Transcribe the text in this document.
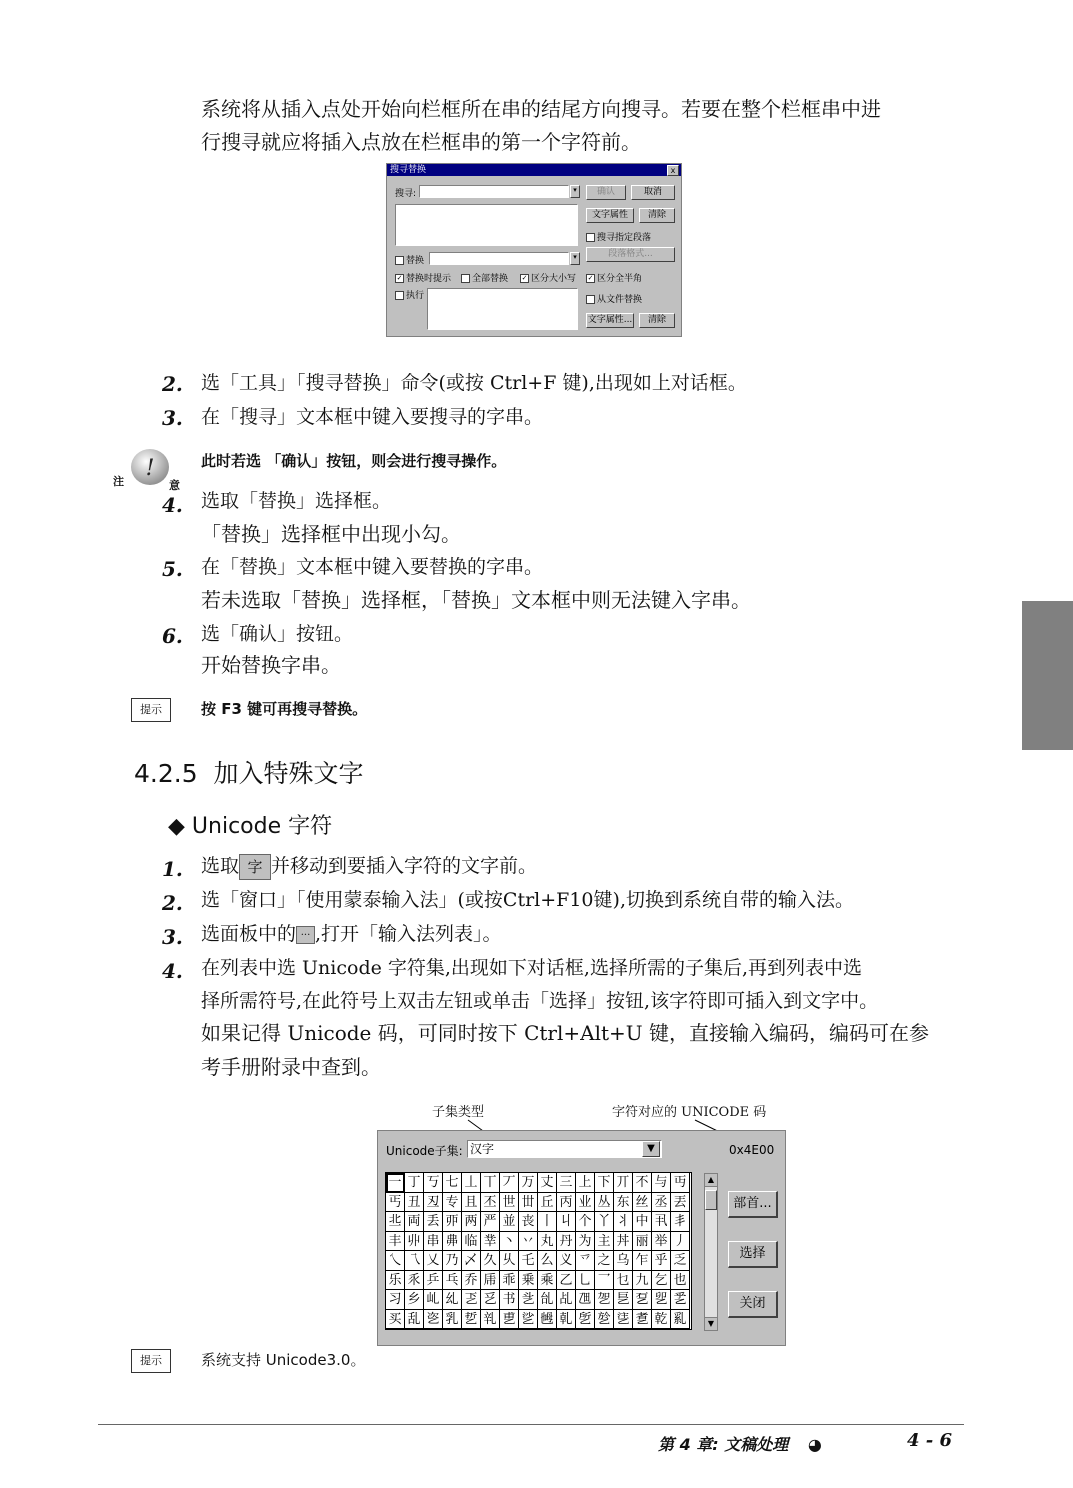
系统将从插入点处开始向栏框所在串的结尾方向搜寻。若要在整个栏框串中进
行搜寻就应将插入点放在栏框串的第一个字符前。
搜寻替换	x
搜寻:	▾	确认	取消
文字属性	清除
搜寻指定段落
段落格式...
替换	▾
✓ 替换时提示	全部替换 ✓ 区分大小写 ✓ 区分全半角
执行	从文件替换
文字属性...	清除
2. 选「工具」「搜寻替换」命令(或按 Ctrl+F 键),出现如上对话框。
3. 在「搜寻」文本框中键入要搜寻的字串。
!
注	意
此时若选 「确认」按钮，则会进行搜寻操作。
4. 选取「替换」选择框。
「替换」选择框中出现小勾。
5. 在「替换」文本框中键入要替换的字串。
若未选取「替换」选择框，「替换」文本框中则无法键入字串。
6. 选「确认」按钮。
开始替换字串。
提示	按 F3 键可再搜寻替换。
4.2.5 加入特殊文字
◆ Unicode 字符
1. 选取 字 并移动到要插入字符的文字前。
2. 选「窗口」「使用蒙泰输入法」(或按Ctrl+F10键),切换到系统自带的输入法。
3. 选面板中的 ... ,打开「输入法列表」。
4. 在列表中选 Unicode 字符集,出现如下对话框,选择所需的子集后,再到列表中选
择所需符号,在此符号上双击左钮或单击「选择」按钮,该字符即可插入到文字中。
如果记得 Unicode 码，可同时按下 Ctrl+Alt+U 键，直接输入编码，编码可在参
考手册附录中查到。
子集类型	字符对应的 UNICODE 码
Unicode子集: 汉字	▼	0x4E00
一 丁 丂 七 丄 丅 丆 万 丈 三 上 下 丌 不 与 丏
丐 丑 丒 专 且 丕 世 丗 丘 丙 业 丛 东 丝 丞 丟
丠 両 丢 丣 两 严 並 丧 丨 丩 个 丫 丬 中 丮 丯
丰 丱 串 丳 临 丵 丶 丷 丸 丹 为 主 丼 丽 举 丿
乀 乁 乂 乃 乄 久 乆 乇 么 义 乊 之 乌 乍 乎 乏
乐 乑 乒 乓 乔 乕 乖 乗 乘 乙 乚 乛 乜 九 乞 也
习 乡 乢 乣 乤 乥 书 乧 乨 乩 乪 乫 乬 乭 乮 乯
买 乱 乲 乳 乴 乵 乶 乷 乸 乹 乺 乻 乼 乽 乾 乿
▲
▼
部首...
选择
关闭
提示	系统支持 Unicode3.0。
第 4 章: 文稿处理 ◕	4 - 6
